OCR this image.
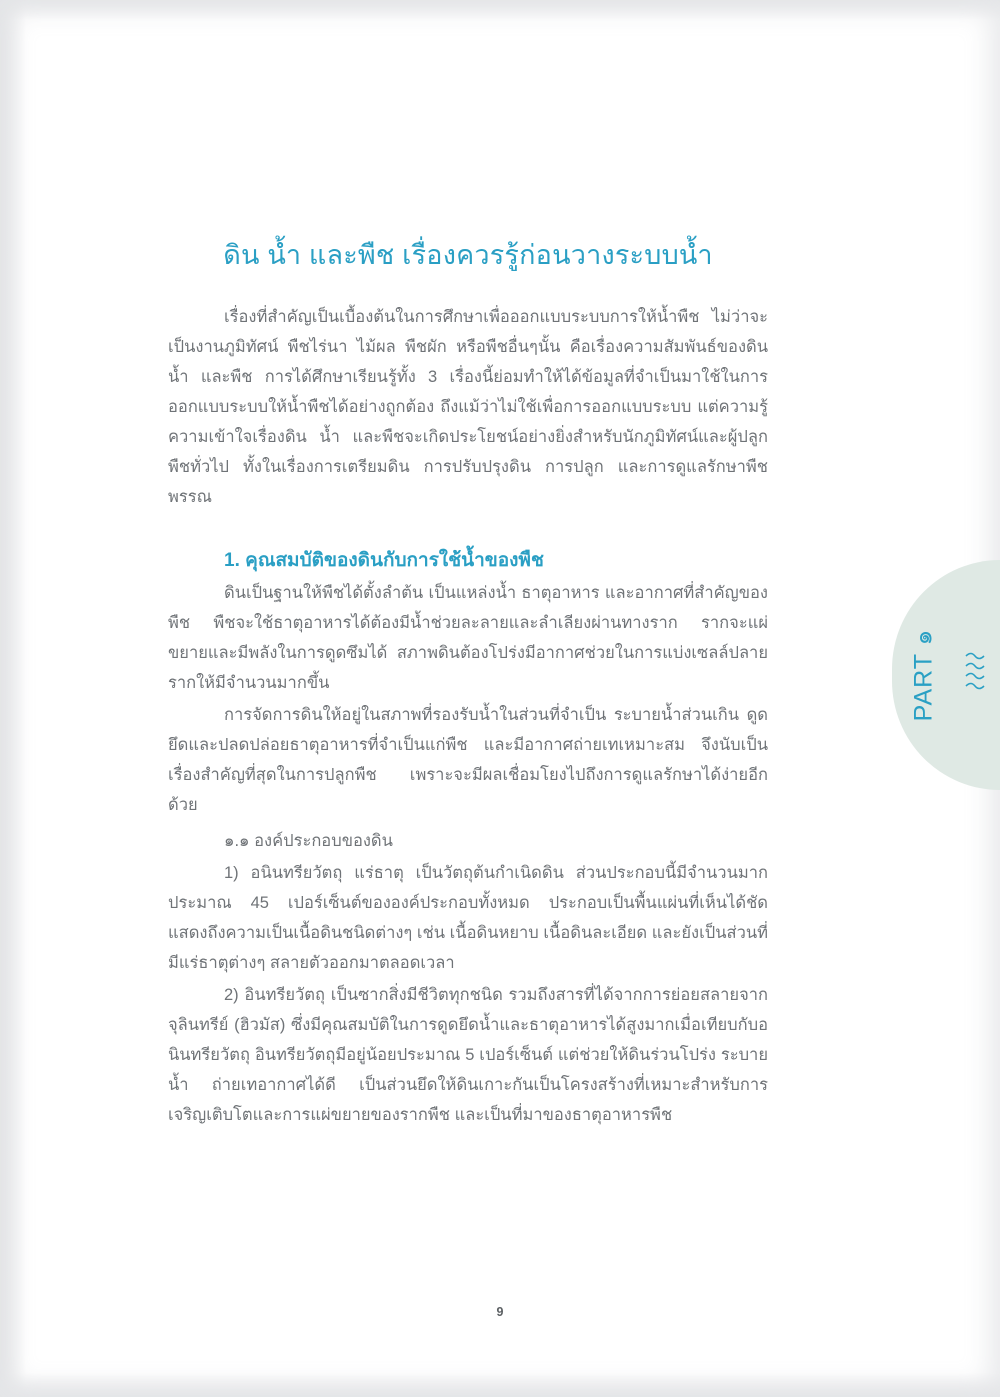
PART ๑
ดิน น้ำ และพืช เรื่องควรรู้ก่อนวางระบบน้ำ

เรื่องที่สำคัญเป็นเบื้องต้นในการศึกษาเพื่อออกแบบระบบการให้น้ำพืช ไม่ว่าจะเป็นงานภูมิทัศน์ พืชไร่นา ไม้ผล พืชผัก หรือพืชอื่นๆนั้น คือเรื่องความสัมพันธ์ของดิน น้ำ และพืช การได้ศึกษาเรียนรู้ทั้ง 3 เรื่องนี้ย่อมทำให้ได้ข้อมูลที่จำเป็นมาใช้ในการออกแบบระบบให้น้ำพืชได้อย่างถูกต้อง ถึงแม้ว่าไม่ใช้เพื่อการออกแบบระบบ แต่ความรู้ความเข้าใจเรื่องดิน น้ำ และพืชจะเกิดประโยชน์อย่างยิ่งสำหรับนักภูมิทัศน์และผู้ปลูกพืชทั่วไป ทั้งในเรื่องการเตรียมดิน การปรับปรุงดิน การปลูก และการดูแลรักษาพืชพรรณ

1. คุณสมบัติของดินกับการใช้น้ำของพืช

ดินเป็นฐานให้พืชได้ตั้งลำต้น เป็นแหล่งน้ำ ธาตุอาหาร และอากาศที่สำคัญของพืช พืชจะใช้ธาตุอาหารได้ต้องมีน้ำช่วยละลายและลำเลียงผ่านทางราก รากจะแผ่ขยายและมีพลังในการดูดซึมได้ สภาพดินต้องโปร่งมีอากาศช่วยในการแบ่งเซลล์ปลายรากให้มีจำนวนมากขึ้น

การจัดการดินให้อยู่ในสภาพที่รองรับน้ำในส่วนที่จำเป็น ระบายน้ำส่วนเกิน ดูดยึดและปลดปล่อยธาตุอาหารที่จำเป็นแก่พืช และมีอากาศถ่ายเทเหมาะสม จึงนับเป็นเรื่องสำคัญที่สุดในการปลูกพืช เพราะจะมีผลเชื่อมโยงไปถึงการดูแลรักษาได้ง่ายอีกด้วย

๑.๑ องค์ประกอบของดิน

1) อนินทรียวัตถุ แร่ธาตุ เป็นวัตถุต้นกำเนิดดิน ส่วนประกอบนี้มีจำนวนมากประมาณ 45 เปอร์เซ็นต์ขององค์ประกอบทั้งหมด ประกอบเป็นพื้นแผ่นที่เห็นได้ชัด แสดงถึงความเป็นเนื้อดินชนิดต่างๆ เช่น เนื้อดินหยาบ เนื้อดินละเอียด และยังเป็นส่วนที่มีแร่ธาตุต่างๆ สลายตัวออกมาตลอดเวลา

2) อินทรียวัตถุ เป็นซากสิ่งมีชีวิตทุกชนิด รวมถึงสารที่ได้จากการย่อยสลายจากจุลินทรีย์ (ฮิวมัส) ซึ่งมีคุณสมบัติในการดูดยึดน้ำและธาตุอาหารได้สูงมากเมื่อเทียบกับอนินทรียวัตถุ อินทรียวัตถุมีอยู่น้อยประมาณ 5 เปอร์เซ็นต์ แต่ช่วยให้ดินร่วนโปร่ง ระบายน้ำ ถ่ายเทอากาศได้ดี เป็นส่วนยึดให้ดินเกาะกันเป็นโครงสร้างที่เหมาะสำหรับการเจริญเติบโตและการแผ่ขยายของรากพืช และเป็นที่มาของธาตุอาหารพืช

9
